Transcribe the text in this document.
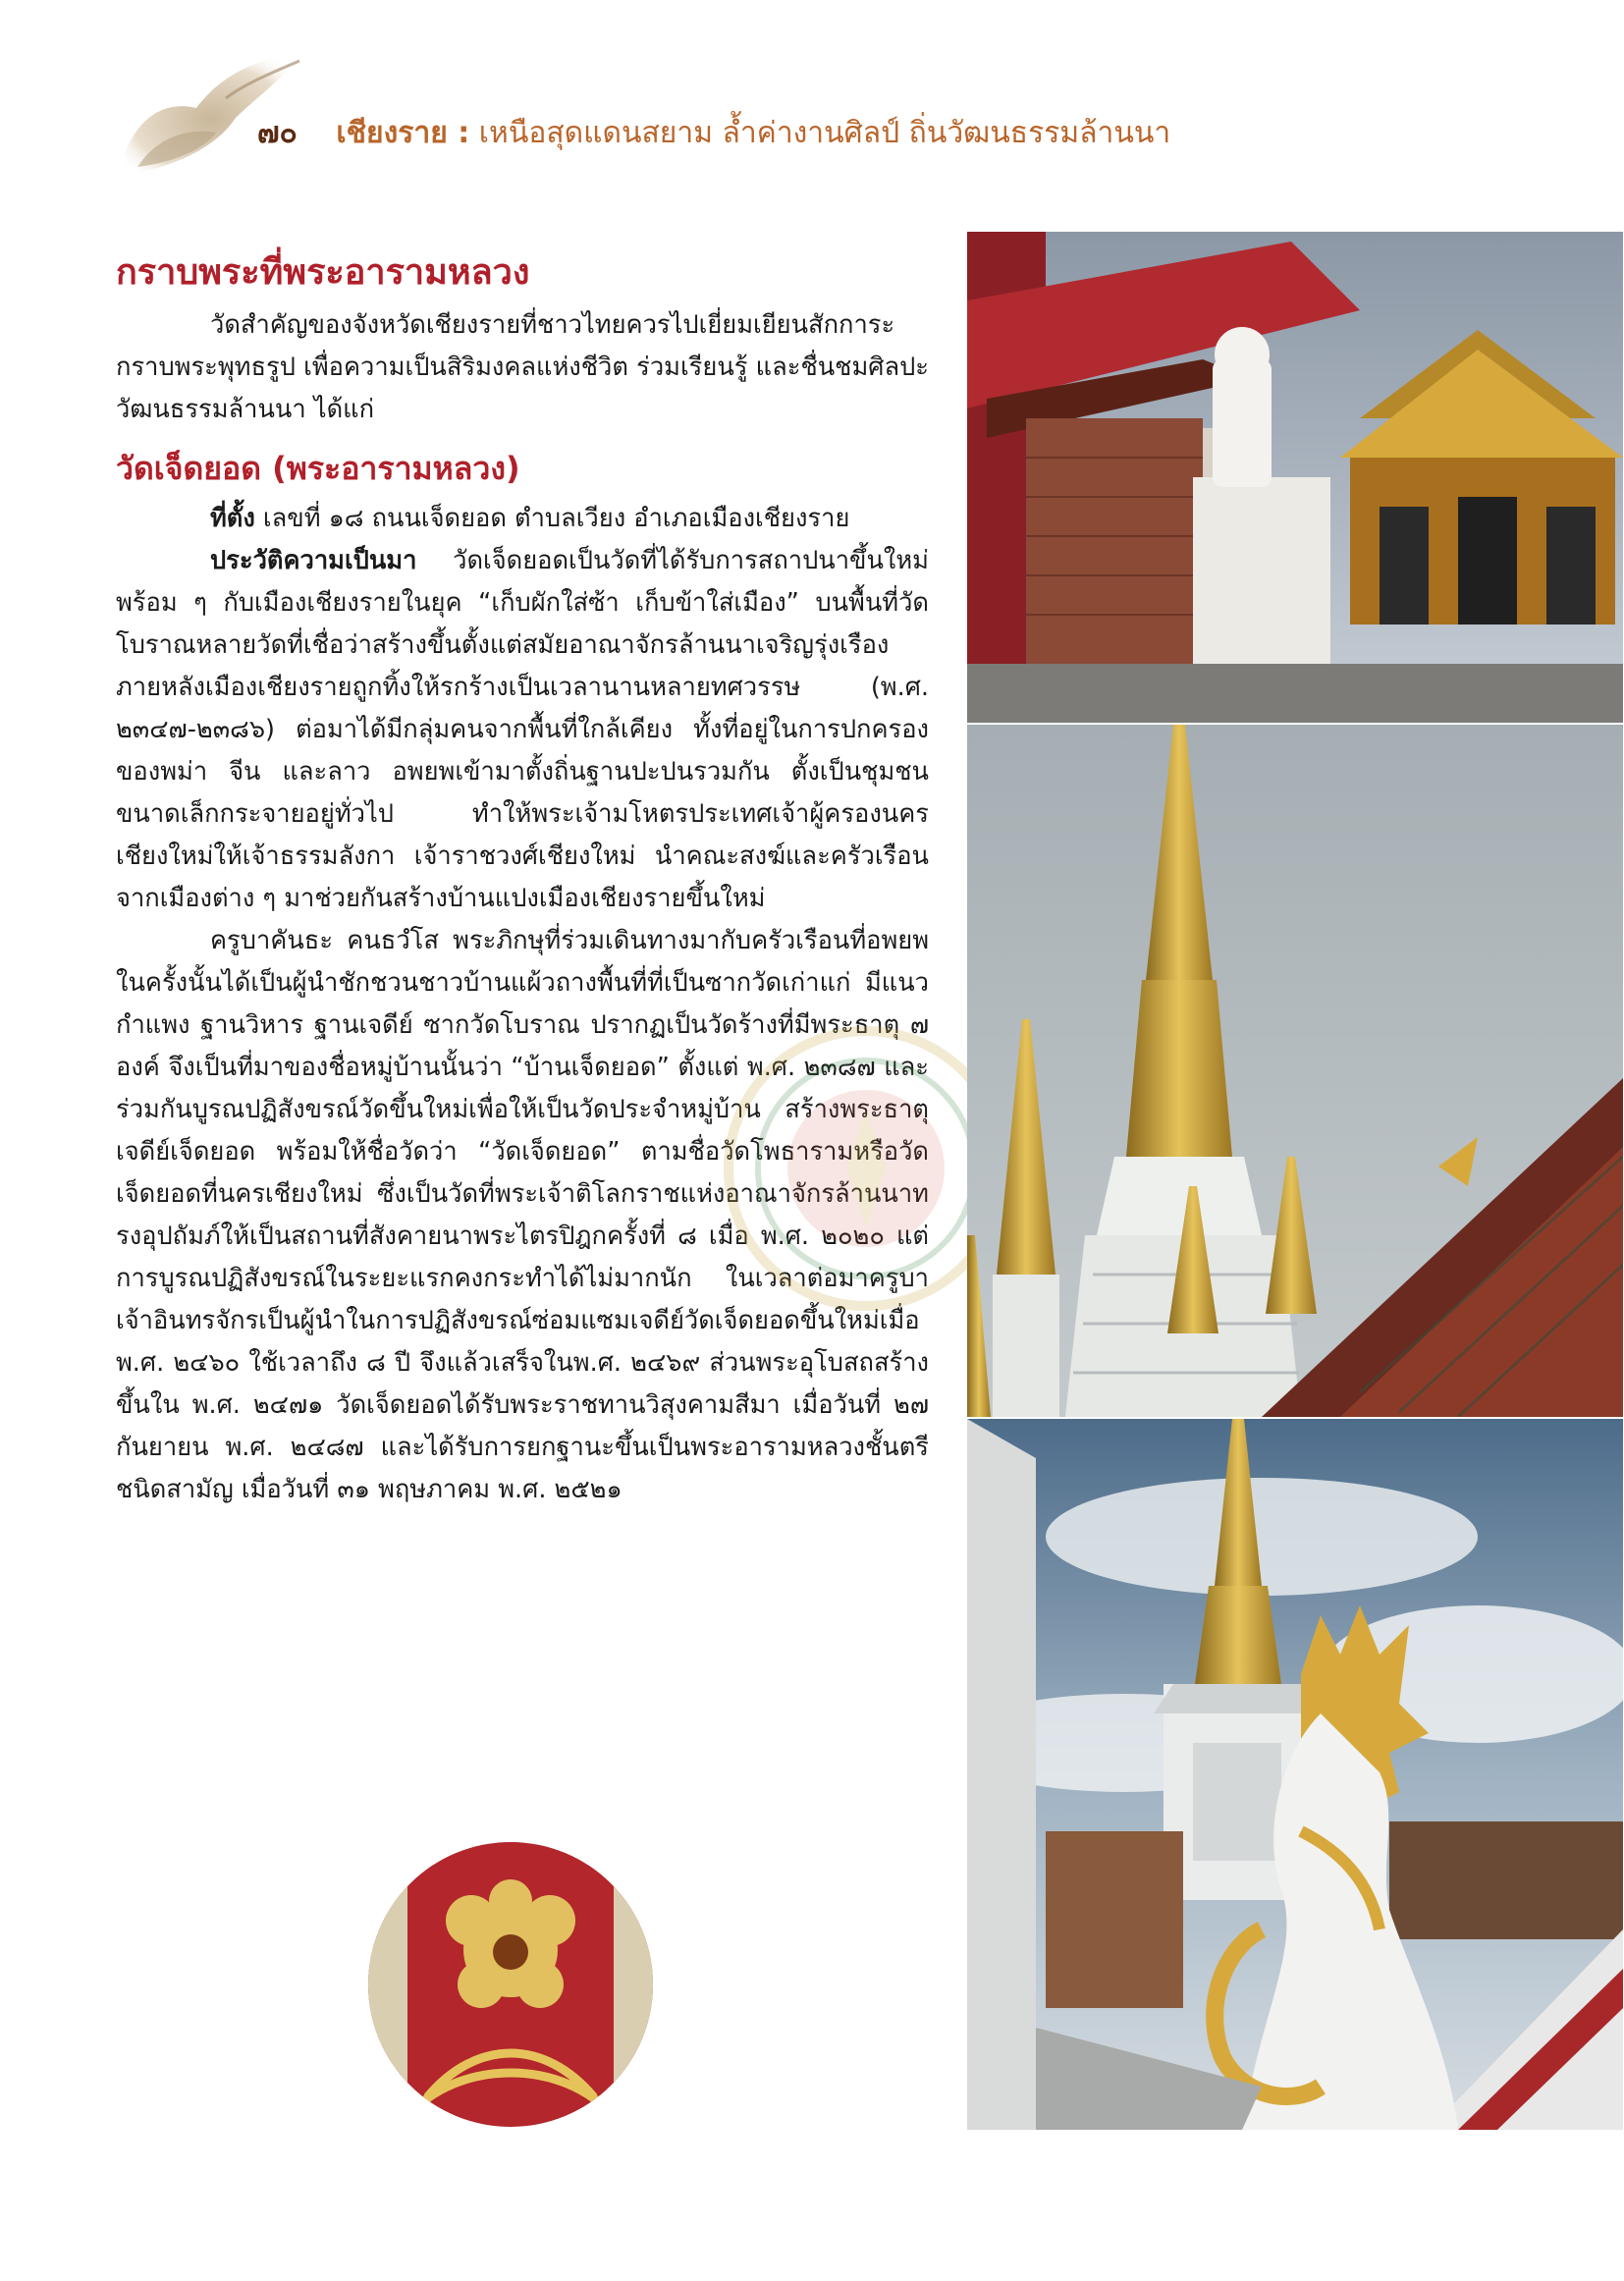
๗๐ เชียงราย : เหนือสุดแดนสยาม ล้ำค่างานศิลป์ ถิ่นวัฒนธรรมล้านนา
กราบพระที่พระอารามหลวง

วัดสำคัญของจังหวัดเชียงรายที่ชาวไทยควรไปเยี่ยมเยียนสักการะกราบพระพุทธรูป เพื่อความเป็นสิริมงคลแห่งชีวิต ร่วมเรียนรู้ และชื่นชมศิลปะวัฒนธรรมล้านนา ได้แก่

วัดเจ็ดยอด (พระอารามหลวง)

ที่ตั้ง เลขที่ ๑๘ ถนนเจ็ดยอด ตำบลเวียง อำเภอเมืองเชียงราย

ประวัติความเป็นมา วัดเจ็ดยอดเป็นวัดที่ได้รับการสถาปนาขึ้นใหม่พร้อม ๆ กับเมืองเชียงรายในยุค “เก็บผักใส่ซ้า เก็บข้าใส่เมือง” บนพื้นที่วัดโบราณหลายวัดที่เชื่อว่าสร้างขึ้นตั้งแต่สมัยอาณาจักรล้านนาเจริญรุ่งเรืองภายหลังเมืองเชียงรายถูกทิ้งให้รกร้างเป็นเวลานานหลายทศวรรษ (พ.ศ. ๒๓๔๗-๒๓๘๖) ต่อมาได้มีกลุ่มคนจากพื้นที่ใกล้เคียง ทั้งที่อยู่ในการปกครองของพม่า จีน และลาว อพยพเข้ามาตั้งถิ่นฐานปะปนรวมกัน ตั้งเป็นชุมชนขนาดเล็กกระจายอยู่ทั่วไป ทำให้พระเจ้ามโหตรประเทศเจ้าผู้ครองนครเชียงใหม่ให้เจ้าธรรมลังกา เจ้าราชวงศ์เชียงใหม่ นำคณะสงฆ์และครัวเรือนจากเมืองต่าง ๆ มาช่วยกันสร้างบ้านแปงเมืองเชียงรายขึ้นใหม่

ครูบาคันธะ คนธวํโส พระภิกษุที่ร่วมเดินทางมากับครัวเรือนที่อพยพในครั้งนั้นได้เป็นผู้นำชักชวนชาวบ้านแผ้วถางพื้นที่ที่เป็นซากวัดเก่าแก่ มีแนวกำแพง ฐานวิหาร ฐานเจดีย์ ซากวัดโบราณ ปรากฏเป็นวัดร้างที่มีพระธาตุ ๗ องค์ จึงเป็นที่มาของชื่อหมู่บ้านนั้นว่า “บ้านเจ็ดยอด” ตั้งแต่ พ.ศ. ๒๓๘๗ และร่วมกันบูรณปฏิสังขรณ์วัดขึ้นใหม่เพื่อให้เป็นวัดประจำหมู่บ้าน สร้างพระธาตุเจดีย์เจ็ดยอด พร้อมให้ชื่อวัดว่า “วัดเจ็ดยอด” ตามชื่อวัดโพธารามหรือวัดเจ็ดยอดที่นครเชียงใหม่ ซึ่งเป็นวัดที่พระเจ้าติโลกราชแห่งอาณาจักรล้านนาทรงอุปถัมภ์ให้เป็นสถานที่สังคายนาพระไตรปิฎกครั้งที่ ๘ เมื่อ พ.ศ. ๒๐๒๐ แต่การบูรณปฏิสังขรณ์ในระยะแรกคงกระทำได้ไม่มากนัก ในเวลาต่อมาครูบาเจ้าอินทรจักรเป็นผู้นำในการปฏิสังขรณ์ซ่อมแซมเจดีย์วัดเจ็ดยอดขึ้นใหม่เมื่อ พ.ศ. ๒๔๖๐ ใช้เวลาถึง ๘ ปี จึงแล้วเสร็จในพ.ศ. ๒๔๖๙ ส่วนพระอุโบสถสร้างขึ้นใน พ.ศ. ๒๔๗๑ วัดเจ็ดยอดได้รับพระราชทานวิสุงคามสีมา เมื่อวันที่ ๒๗ กันยายน พ.ศ. ๒๔๘๗ และได้รับการยกฐานะขึ้นเป็นพระอารามหลวงชั้นตรี ชนิดสามัญ เมื่อวันที่ ๓๑ พฤษภาคม พ.ศ. ๒๕๒๑
